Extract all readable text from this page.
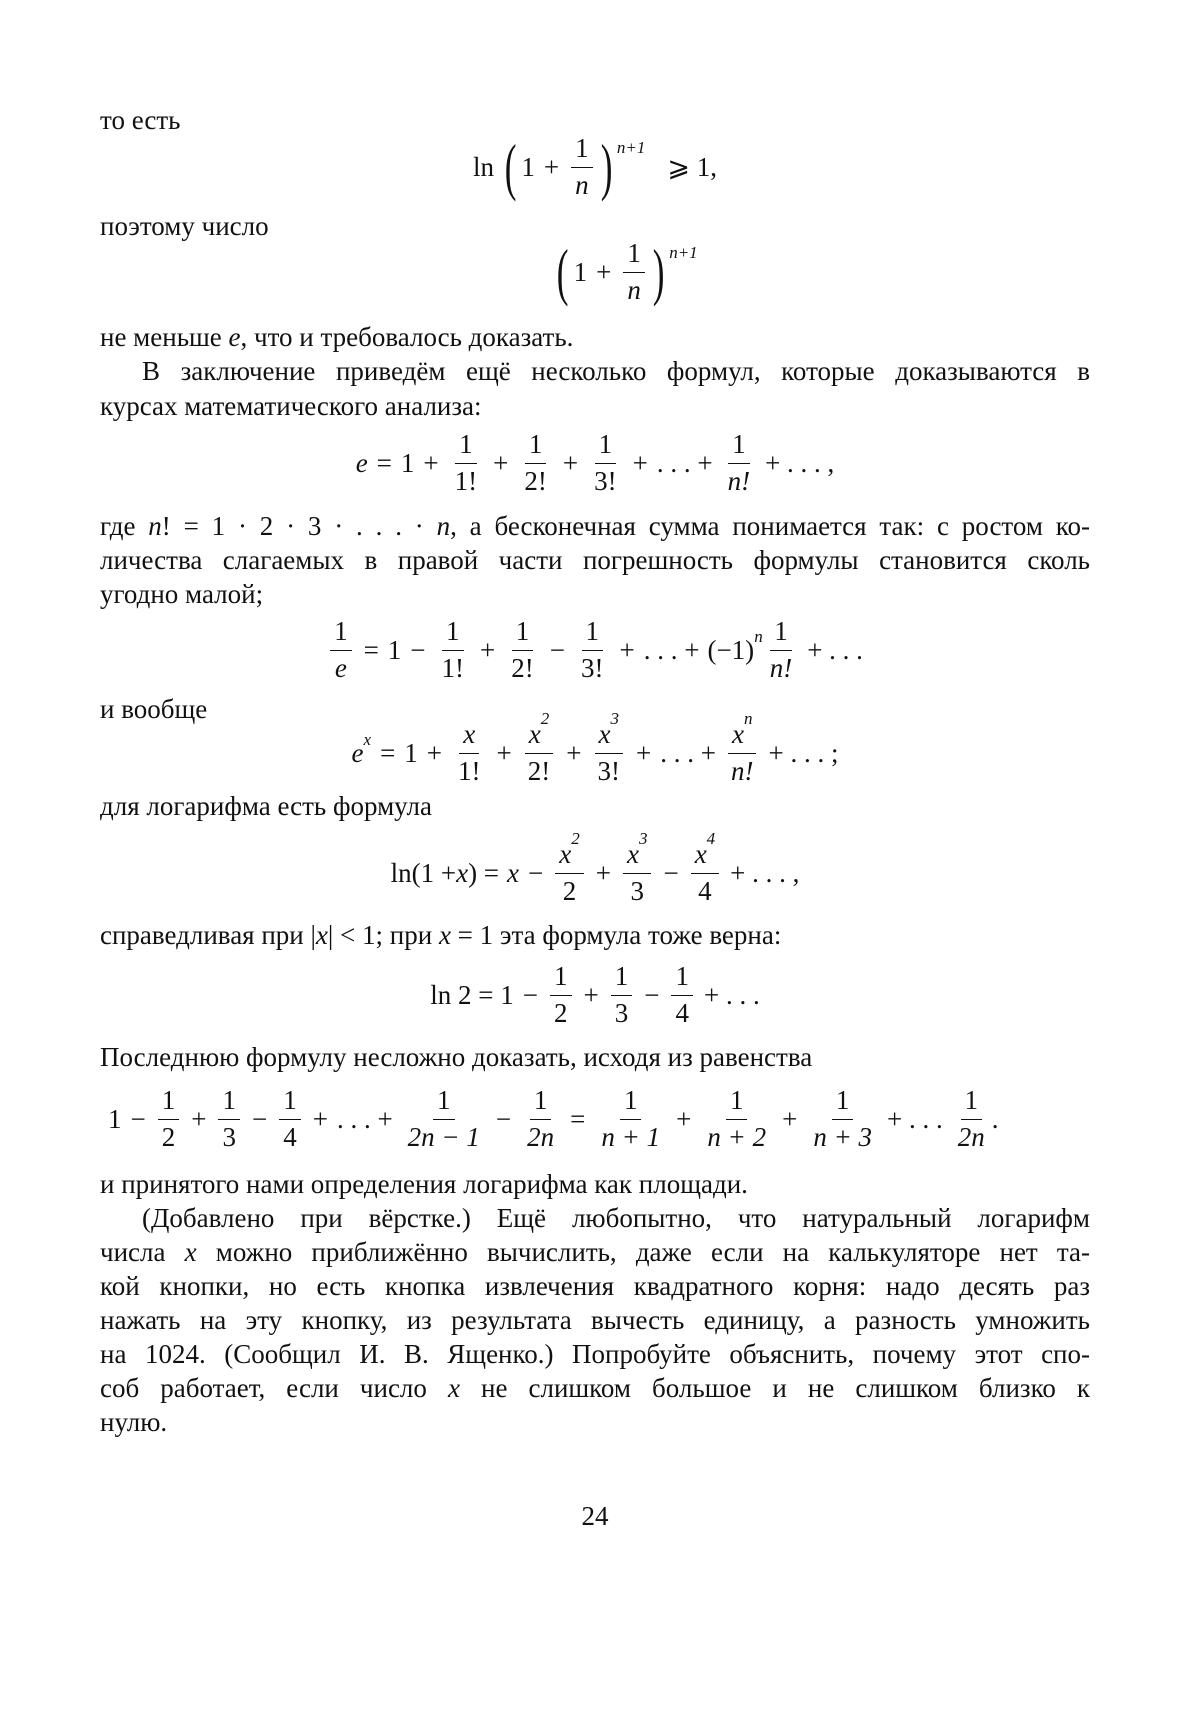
то есть
ln ( $1 + \frac{1}{n}$ ) $^{n+1}$
⩾ 1,
поэтому число
( $1 + \frac{1}{n}$ ) $^{n+1}$
не меньше e, что и требовалось доказать.
В заключение приведём ещё несколько формул, которые доказываются в
курсах математического анализа:
$e = 1 + \frac{1}{1!} + \frac{1}{2!} + \frac{1}{3!}$ + . . . + $\frac{1}{n!}$ + . . . ,
где n! = 1 · 2 · 3 · . . . · n, а бесконечная сумма понимается так: с ростом ко-
личества слагаемых в правой части погрешность формулы становится сколь
угодно малой;
$\frac{1}{e} = 1 - \frac{1}{1!} + \frac{1}{2!} - \frac{1}{3!}$ + . . . + $(-1)^n \frac{1}{n!}$ + . . .
и вообще
$e^x = 1 + \frac{x}{1!} + \frac{x^2}{2!} + \frac{x^3}{3!}$ + . . . + $\frac{x^n}{n!}$ + . . . ;
для логарифма есть формула
ln(1 + x ) = $x - \frac{x^2}{2} + \frac{x^3}{3} - \frac{x^4}{4}$ + . . . ,
справедливая при |x| < 1; при x = 1 эта формула тоже верна:
$\ln 2 = 1 - \frac{1}{2} + \frac{1}{3} - \frac{1}{4}$ + . . .
Последнюю формулу несложно доказать, исходя из равенства
$1 - \frac{1}{2} + \frac{1}{3} - \frac{1}{4}$ + . . . + $\frac{1}{2n - 1} - \frac{1}{2n} = \frac{1}{n + 1} + \frac{1}{n + 2} + \frac{1}{n + 3}$ + . . . $\frac{1}{2n}$ .
и принятого нами определения логарифма как площади.
(Добавлено при вёрстке.) Ещё любопытно, что натуральный логарифм
числа x можно приближённо вычислить, даже если на калькуляторе нет та-
кой кнопки, но есть кнопка извлечения квадратного корня: надо десять раз
нажать на эту кнопку, из результата вычесть единицу, а разность умножить
на 1024. (Сообщил И. В. Ященко.) Попробуйте объяснить, почему этот спо-
соб работает, если число x не слишком большое и не слишком близко к
нулю.
24
